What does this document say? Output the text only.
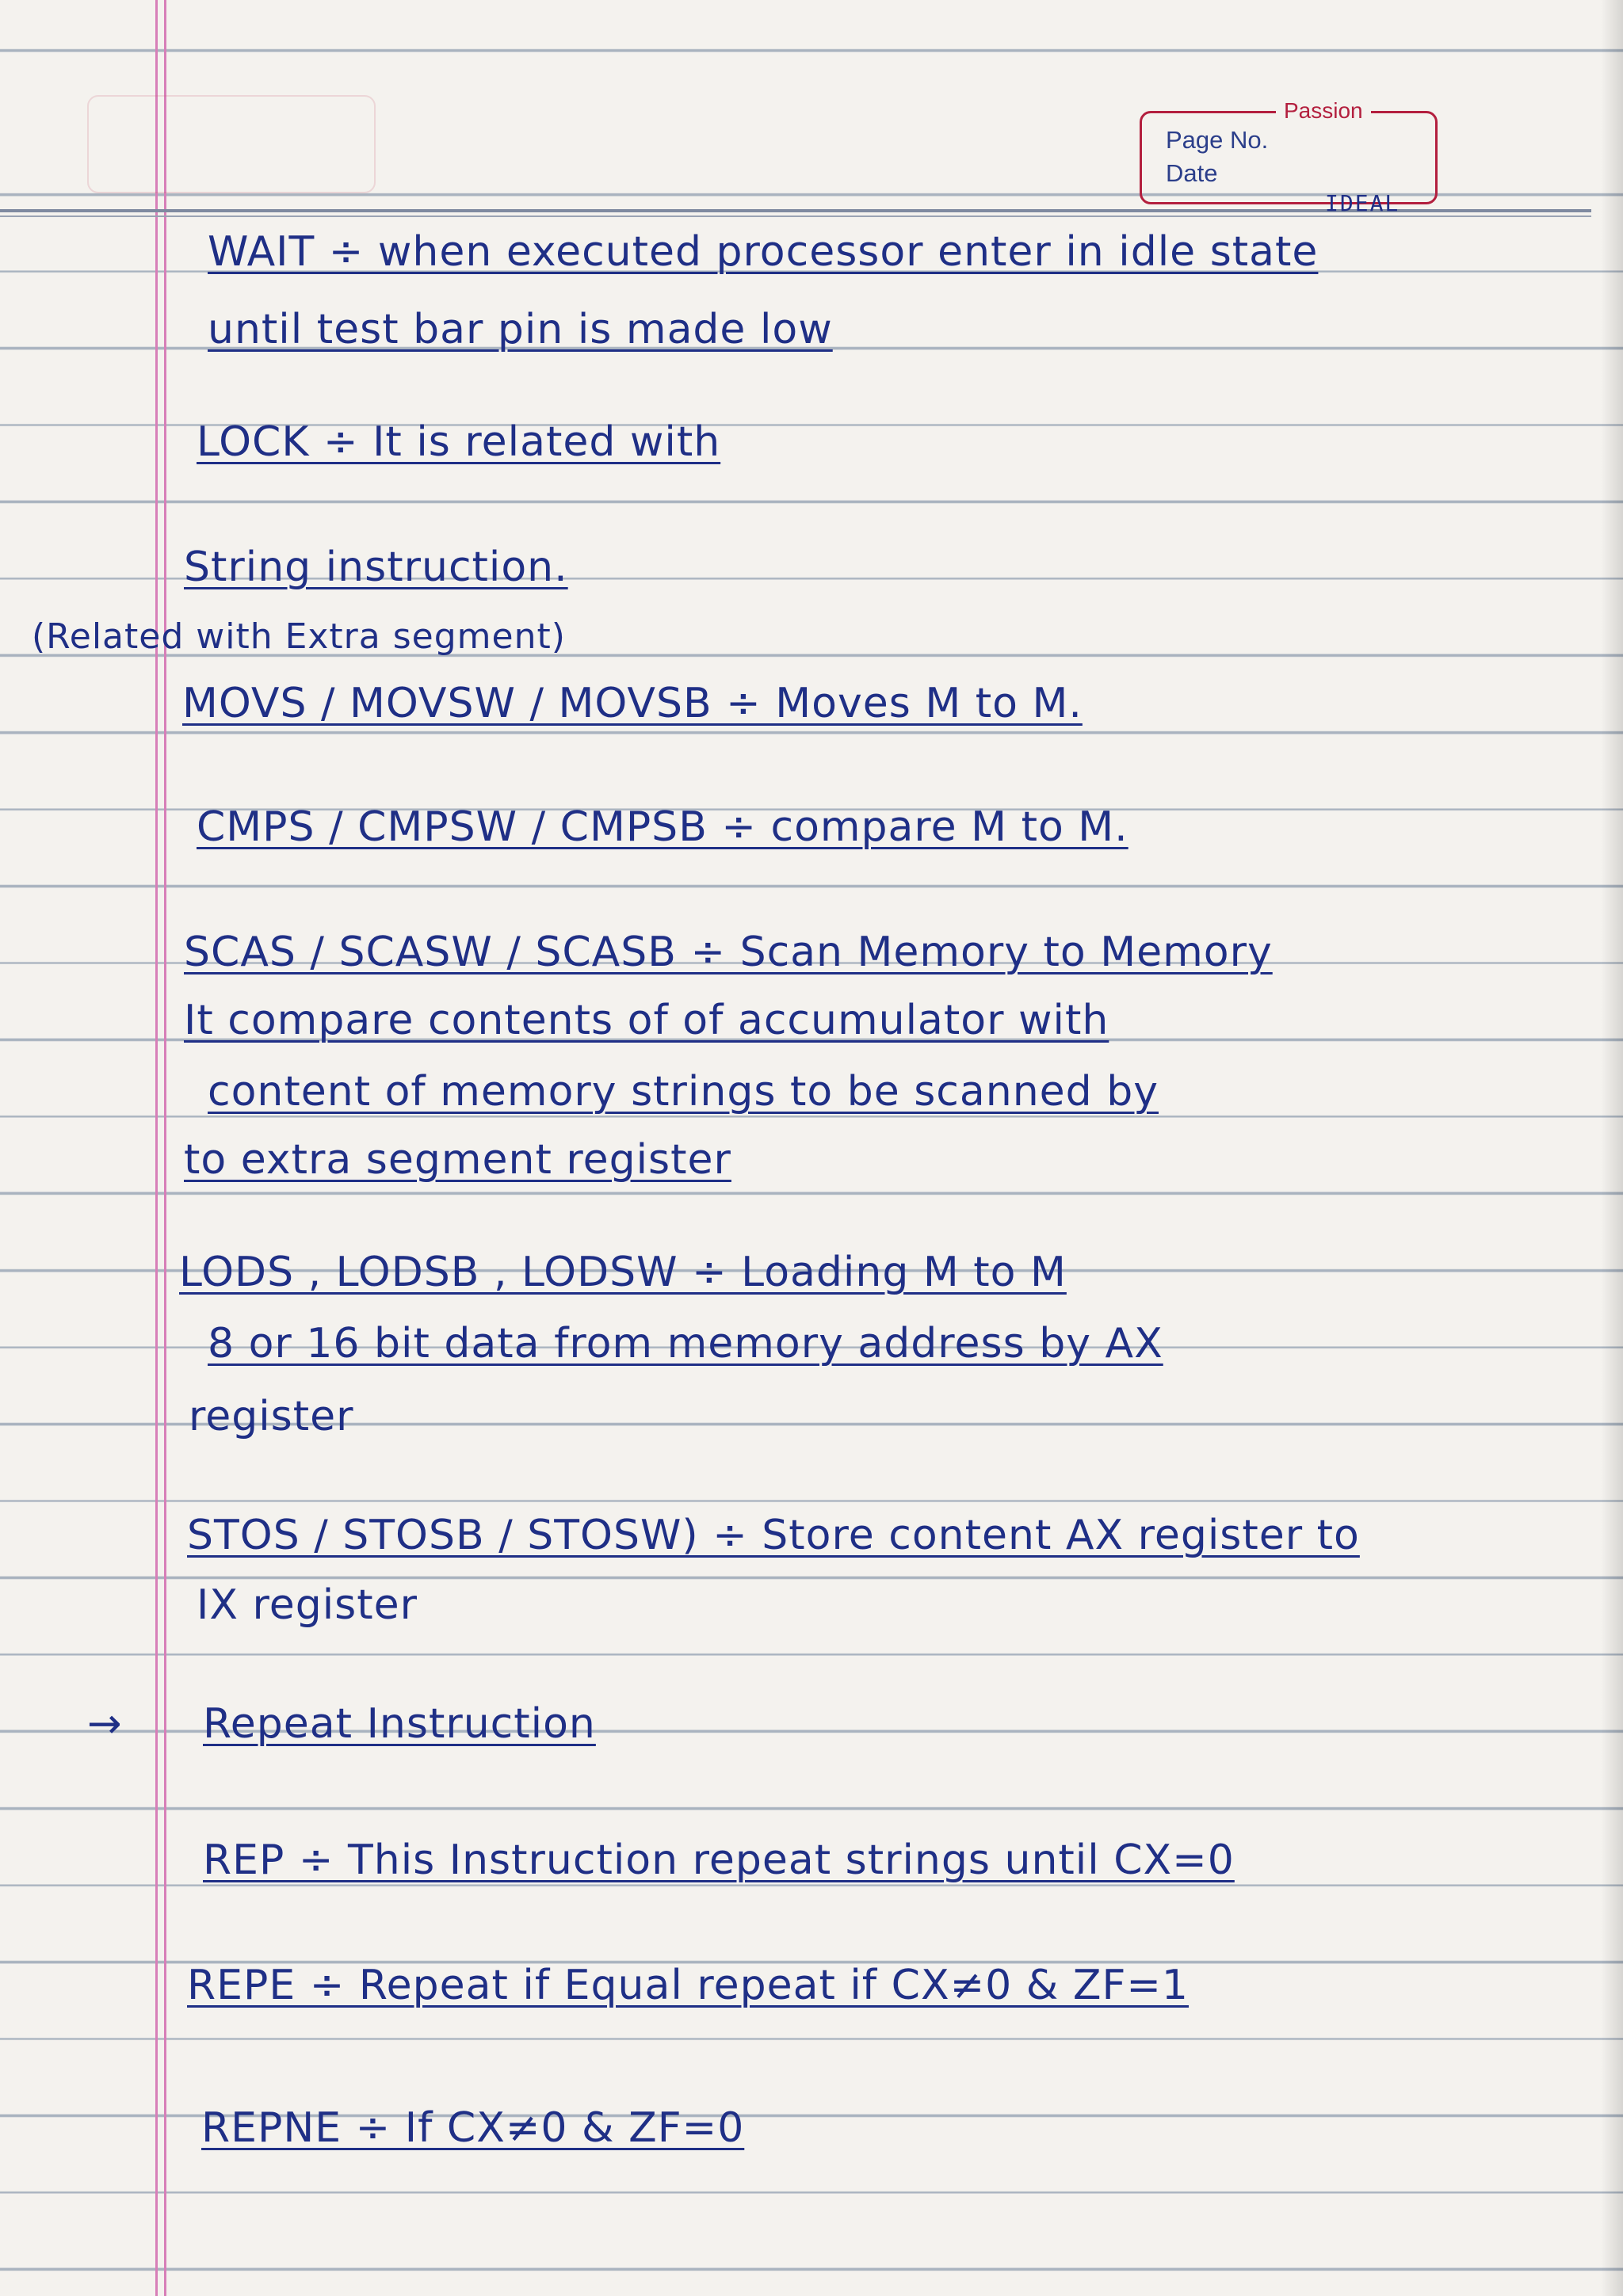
Page No.
Date
Passion
IDEAL
WAIT ÷ when executed processor enter in idle state
until test bar pin is made low
LOCK ÷ It is related with
String instruction.
(Related with Extra segment)
MOVS / MOVSW / MOVSB ÷ Moves M to M.
CMPS / CMPSW / CMPSB ÷ compare M to M.
SCAS / SCASW / SCASB ÷ Scan Memory to Memory
It compare contents of of accumulator with
content of memory strings to be scanned by
to extra segment register
LODS , LODSB , LODSW ÷ Loading M to M
8 or 16 bit data from memory address by AX
register
STOS / STOSB / STOSW) ÷ Store content AX register to
IX register
→ Repeat Instruction
REP ÷ This Instruction repeat strings until CX=0
REPE ÷ Repeat if Equal repeat if CX≠0 & ZF=1
REPNE ÷ If CX≠0 & ZF=0
